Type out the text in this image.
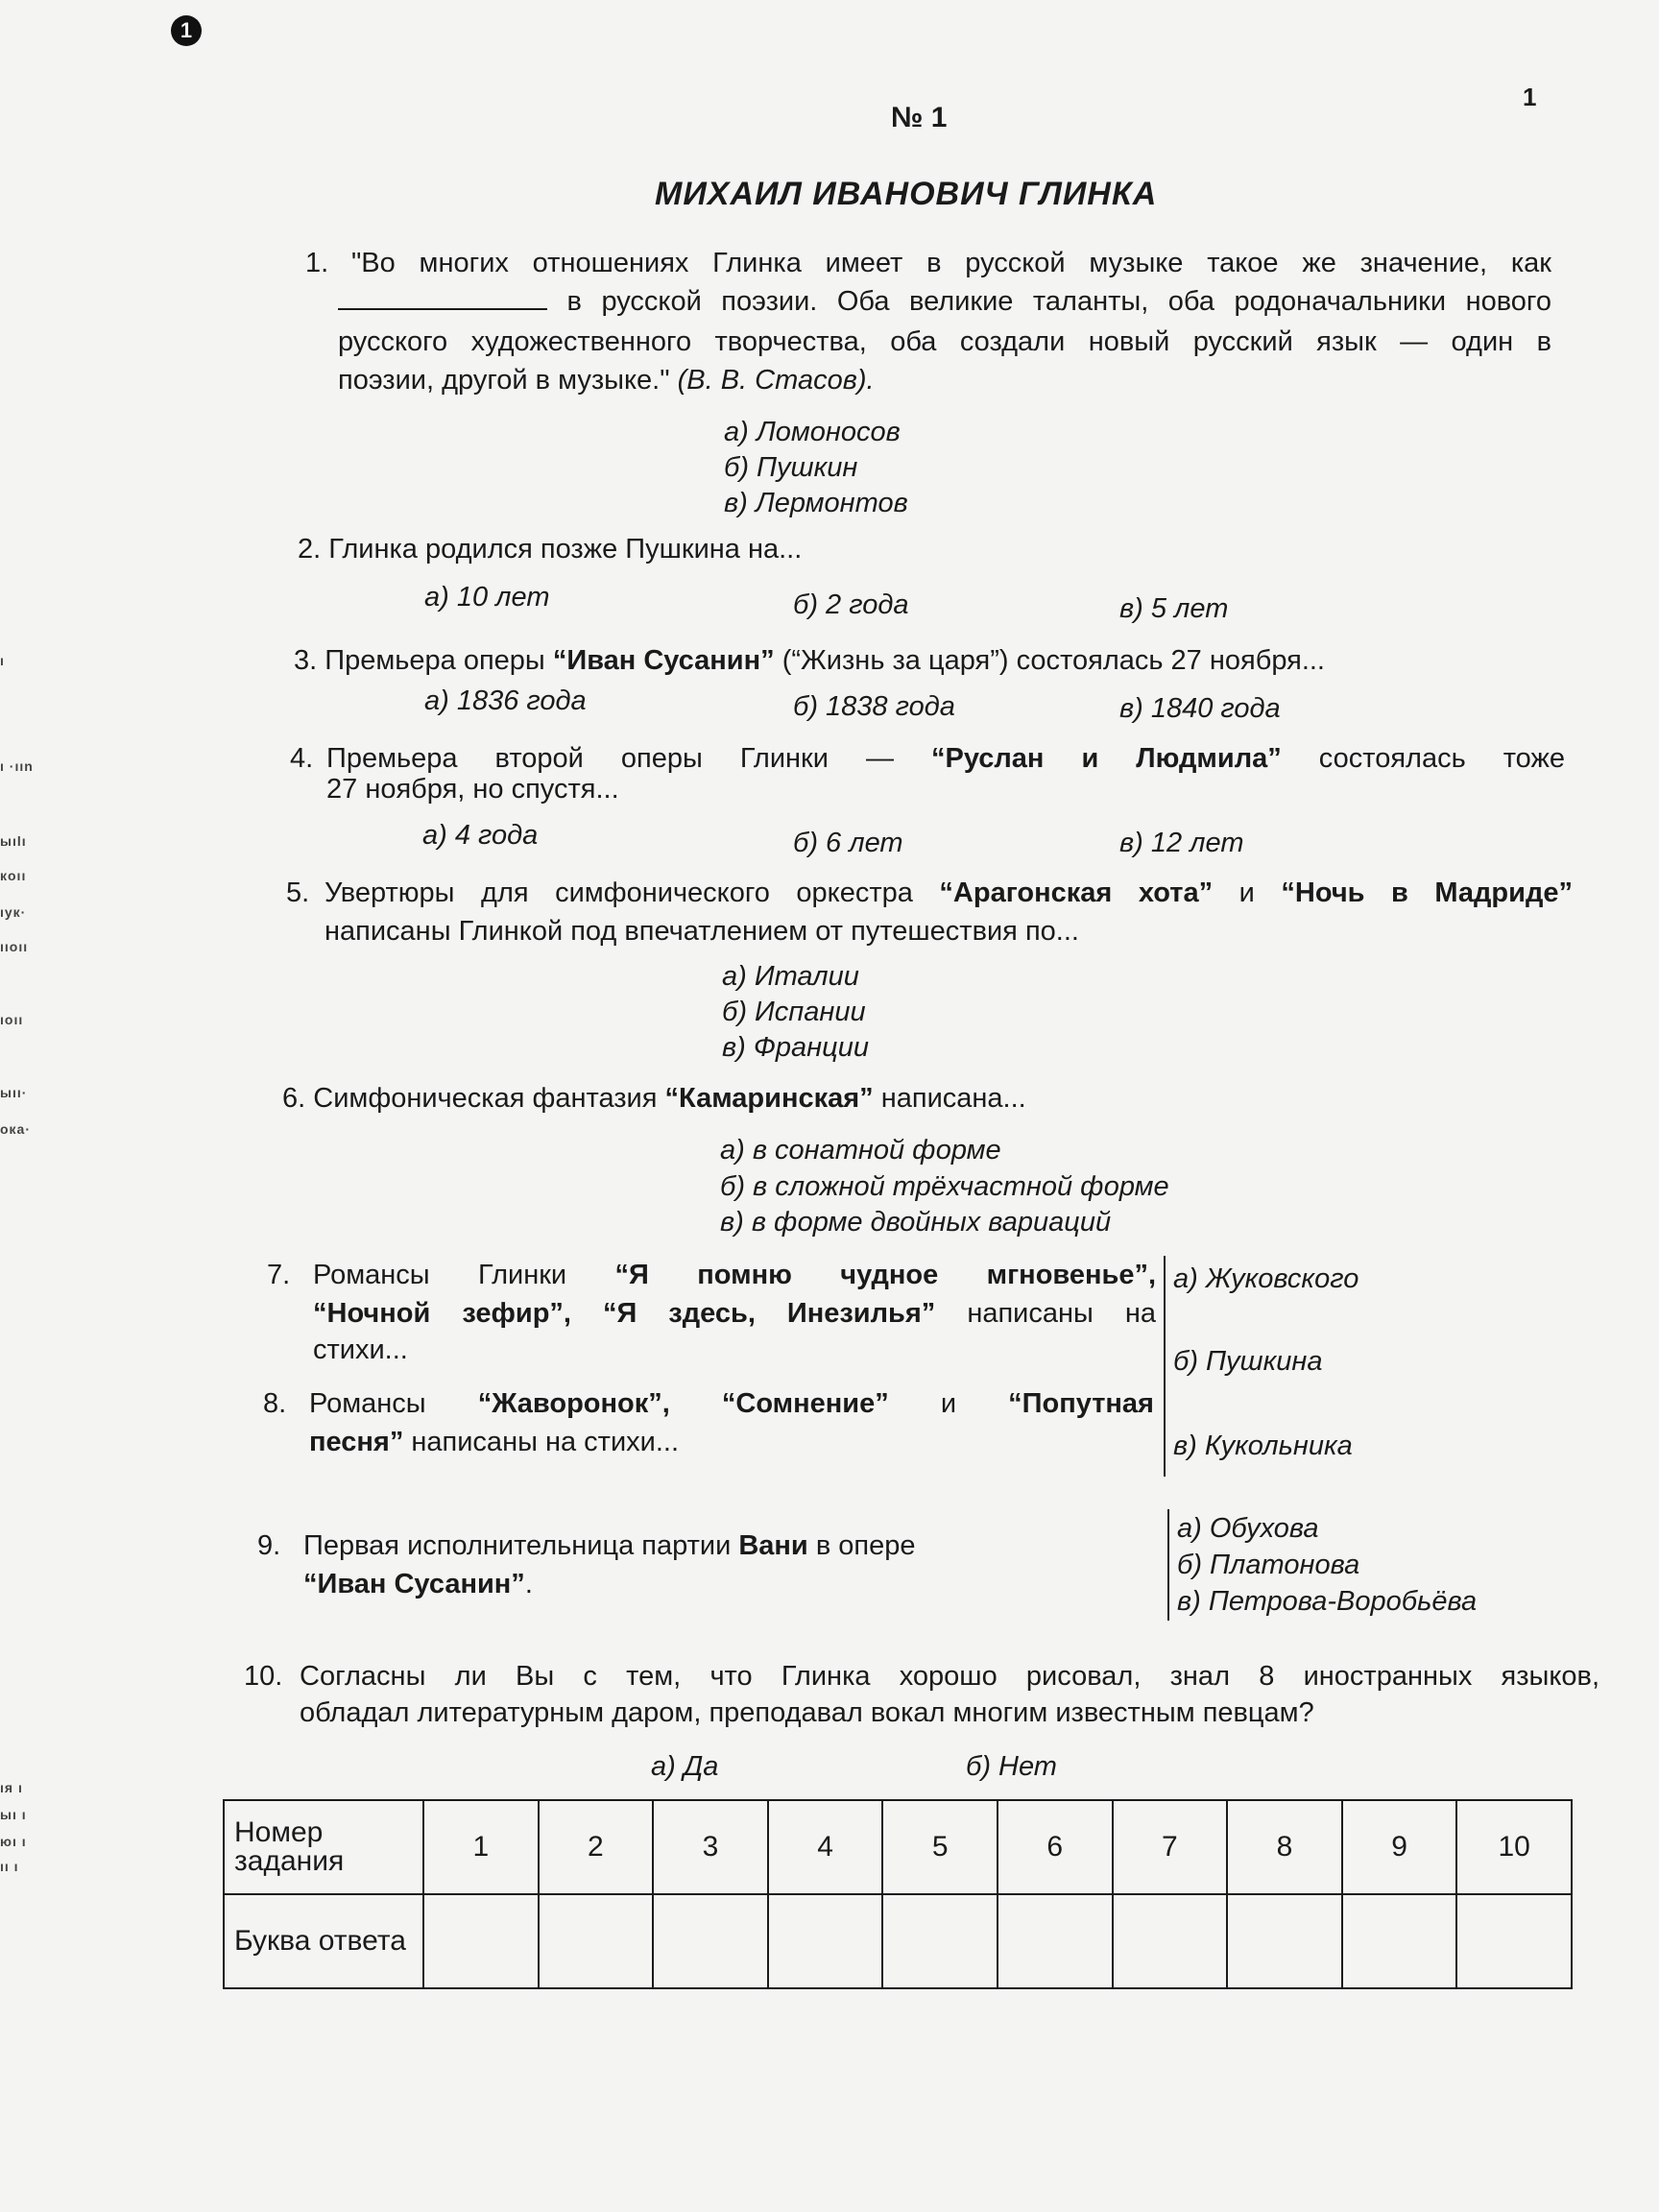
1
1
№ 1
МИХАИЛ ИВАНОВИЧ ГЛИНКА
ı
ı ·ıın
ыılı
кoıı
ıук·
ııoıı
ıoıı
ыıı·
ока·
ıя ı
ыı ı
юı ı
ıı ı
1. "Во многих отношениях Глинка имеет в русской музыке такое же значение, как
в русской поэзии. Оба великие таланты, оба родоначальники нового
русского художественного творчества, оба создали новый русский язык — один в
поэзии, другой в музыке." (В. В. Стасов).
а) Ломоносов
б) Пушкин
в) Лермонтов
2. Глинка родился позже Пушкина на...
а) 10 лет	б) 2 года	в) 5 лет
3. Премьера оперы “Иван Сусанин” (“Жизнь за царя”) состоялась 27 ноября...
а) 1836 года	б) 1838 года	в) 1840 года
4. Премьера второй оперы Глинки — “Руслан и Людмила” состоялась тоже
27 ноября, но спустя...
а) 4 года	б) 6 лет	в) 12 лет
5. Увертюры для симфонического оркестра “Арагонская хота” и “Ночь в Мадриде”
написаны Глинкой под впечатлением от путешествия по...
а) Италии
б) Испании
в) Франции
6. Симфоническая фантазия “Камаринская” написана...
а) в сонатной форме
б) в сложной трёхчастной форме
в) в форме двойных вариаций
7. Романсы Глинки “Я помню чудное мгновенье”,
“Ночной зефир”, “Я здесь, Инезилья” написаны на
стихи...
8. Романсы “Жаворонок”, “Сомнение” и “Попутная
песня” написаны на стихи...
а) Жуковского
б) Пушкина
в) Кукольника
9. Первая исполнительница партии Вани в опере
“Иван Сусанин”.
а) Обухова
б) Платонова
в) Петрова-Воробьёва
10. Согласны ли Вы с тем, что Глинка хорошо рисовал, знал 8 иностранных языков,
обладал литературным даром, преподавал вокал многим известным певцам?
а) Да	б) Нет
Номер задания	1	2	3	4	5	6	7	8	9	10
Буква ответа										
